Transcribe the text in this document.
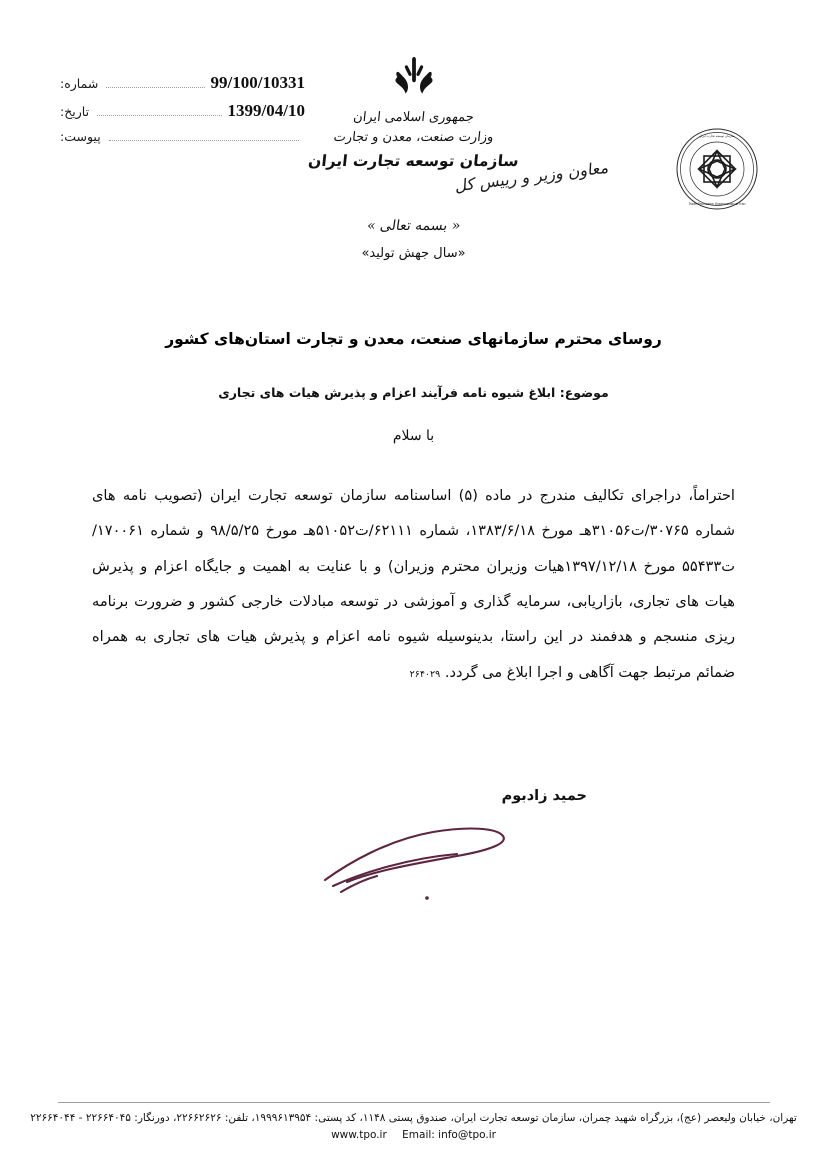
شماره:	99/100/10331
تاریخ:	1399/04/10
پیوست:
جمهوری اسلامی ایران
وزارت صنعت، معدن و تجارت
سازمان توسعه تجارت ایران
معاون وزیر و رییس کل
سازمان توسعه تجارت ایران
Trade Promotion Organization of Iran
« بسمه تعالی »
«سال جهش تولید»
روسای محترم سازمانهای صنعت، معدن و تجارت استان‌های کشور
موضوع: ابلاغ شیوه نامه فرآیند اعزام و پذیرش هیات های تجاری
با سلام
احتراماً، دراجرای تکالیف مندرج در ماده (۵) اساسنامه سازمان توسعه تجارت ایران (تصویب نامه های شماره ۳۰۷۶۵/ت۳۱۰۵۶هـ مورخ ۱۳۸۳/۶/۱۸، شماره ۶۲۱۱۱/ت۵۱۰۵۲هـ مورخ ۹۸/۵/۲۵ و شماره ۱۷۰۰۶۱/ت۵۵۴۳۳ مورخ ۱۳۹۷/۱۲/۱۸هیات وزیران محترم وزیران) و با عنایت به اهمیت و جایگاه اعزام و پذیرش هیات های تجاری، بازاریابی، سرمایه گذاری و آموزشی در توسعه مبادلات خارجی کشور و ضرورت برنامه ریزی منسجم و هدفمند در این راستا، بدینوسیله شیوه نامه اعزام و پذیرش هیات های تجاری به همراه ضمائم مرتبط جهت آگاهی و اجرا ابلاغ می گردد. ۲۶۴۰۲۹
حمید زادبوم
تهران، خیابان ولیعصر (عج)، بزرگراه شهید چمران، سازمان توسعه تجارت ایران، صندوق پستی ۱۱۴۸، کد پستی: ۱۹۹۹۶۱۳۹۵۴، تلفن: ۲۲۶۶۲۶۲۶، دورنگار: ۲۲۶۶۴۰۴۵ - ۲۲۶۶۴۰۴۴
www.tpo.ir Email: info@tpo.ir
